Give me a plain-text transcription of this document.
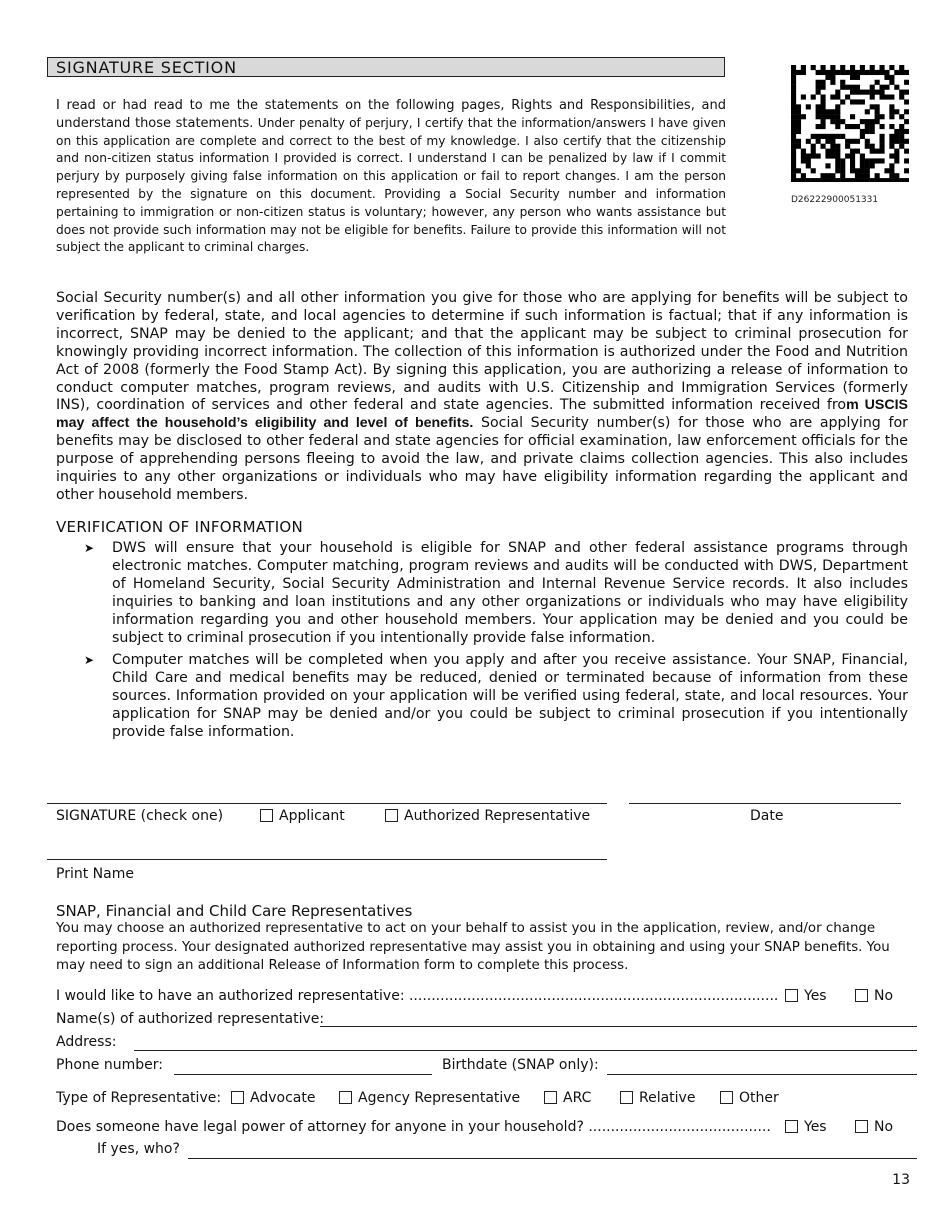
SIGNATURE SECTION
D26222900051331
I read or had read to me the statements on the following pages, Rights and Responsibilities, and understand those statements. Under penalty of perjury, I certify that the information/answers I have given on this application are complete and correct to the best of my knowledge. I also certify that the citizenship and non-citizen status information I provided is correct. I understand I can be penalized by law if I commit perjury by purposely giving false information on this application or fail to report changes. I am the person represented by the signature on this document. Providing a Social Security number and information pertaining to immigration or non-citizen status is voluntary; however, any person who wants assistance but does not provide such information may not be eligible for benefits. Failure to provide this information will not subject the applicant to criminal charges.
Social Security number(s) and all other information you give for those who are applying for benefits will be subject to verification by federal, state, and local agencies to determine if such information is factual; that if any information is incorrect, SNAP may be denied to the applicant; and that the applicant may be subject to criminal prosecution for knowingly providing incorrect information. The collection of this information is authorized under the Food and Nutrition Act of 2008 (formerly the Food Stamp Act). By signing this application, you are authorizing a release of information to conduct computer matches, program reviews, and audits with U.S. Citizenship and Immigration Services (formerly INS), coordination of services and other federal and state agencies. The submitted information received from USCIS may affect the household’s eligibility and level of benefits. Social Security number(s) for those who are applying for benefits may be disclosed to other federal and state agencies for official examination, law enforcement officials for the purpose of apprehending persons fleeing to avoid the law, and private claims collection agencies. This also includes inquiries to any other organizations or individuals who may have eligibility information regarding the applicant and other household members.
VERIFICATION OF INFORMATION
➤ DWS will ensure that your household is eligible for SNAP and other federal assistance programs through electronic matches. Computer matching, program reviews and audits will be conducted with DWS, Department of Homeland Security, Social Security Administration and Internal Revenue Service records. It also includes inquiries to banking and loan institutions and any other organizations or individuals who may have eligibility information regarding you and other household members. Your application may be denied and you could be subject to criminal prosecution if you intentionally provide false information.
➤ Computer matches will be completed when you apply and after you receive assistance. Your SNAP, Financial, Child Care and medical benefits may be reduced, denied or terminated because of information from these sources. Information provided on your application will be verified using federal, state, and local resources. Your application for SNAP may be denied and/or you could be subject to criminal prosecution if you intentionally provide false information.
SIGNATURE (check one)	Applicant	Authorized Representative	Date
Print Name
SNAP, Financial and Child Care Representatives
You may choose an authorized representative to act on your behalf to assist you in the application, review, and/or change reporting process. Your designated authorized representative may assist you in obtaining and using your SNAP benefits. You may need to sign an additional Release of Information form to complete this process.
I would like to have an authorized representative: ...................................................................................	Yes	No
Name(s) of authorized representative:
Address:
Phone number:	Birthdate (SNAP only):
Type of Representative:	Advocate	Agency Representative	ARC	Relative	Other
Does someone have legal power of attorney for anyone in your household? .........................................	Yes	No
If yes, who?
13
